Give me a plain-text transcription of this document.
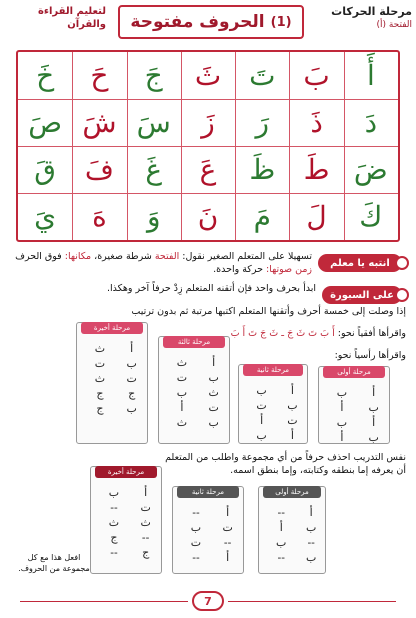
لتعليم القراءة والقرآن	(1)
الحروف مفتوحة
مرحلة الحركات
(أ) الفتحة
أَ
بَ
تَ
ثَ
جَ
حَ
خَ
دَ
ذَ
رَ
زَ
سَ
شَ
صَ
ضَ
طَ
ظَ
عَ
غَ
فَ
قَ
كَ
لَ
مَ
نَ
وَ
هَ
يَ
انتبه يا معلم
تسهيلا على المتعلم الصغير نقول: الفتحة شرطة صغيرة، مكانها: فوق الحرف
زمن صوتها: حركة واحدة.
على السبورة
ابدأ بحرف واحد فإن أتقنه المتعلم زِدْ حرفاً آخر وهكذا.
إذا وصلت إلى خمسة أحرف وأتقنها المتعلم اكتبها مرتبة ثم بدون ترتيب
واقرأها أفقياً نحو: أَ بَ تَ ثَ جَ ـ ثَ جَ تَ أَ بَ
واقرأها رأسياً نحو:
مرحلة أولى
أ
ب
أ
ب
ب
أ
ب
أ
مرحلة ثانية
أ
ب
ت
أ
ب
ت
أ
ب
مرحلة ثالثة
أ
ب
ث
ت
ب
ث
ت
ب
أ
ث
مرحلة أخيرة
أ
ب
ت
ج
ب
ث
ت
ث
ج
ج
نفس التدريب احذف حرفاً من أي مجموعة واطلب من المتعلم
أن يعرفه إما بنطقه وكتابته، وإما بنطق اسمه.
مرحلة أولى
أ
ب
--
ب
--
أ
ب
--
مرحلة ثانية
أ
ت
--
أ
--
ب
ت
--
مرحلة أخيرة
أ
ت
ث
--
ج
ب
--
ث
ج
--
افعل هذا مع كل
مجموعة من الحروف.
7
